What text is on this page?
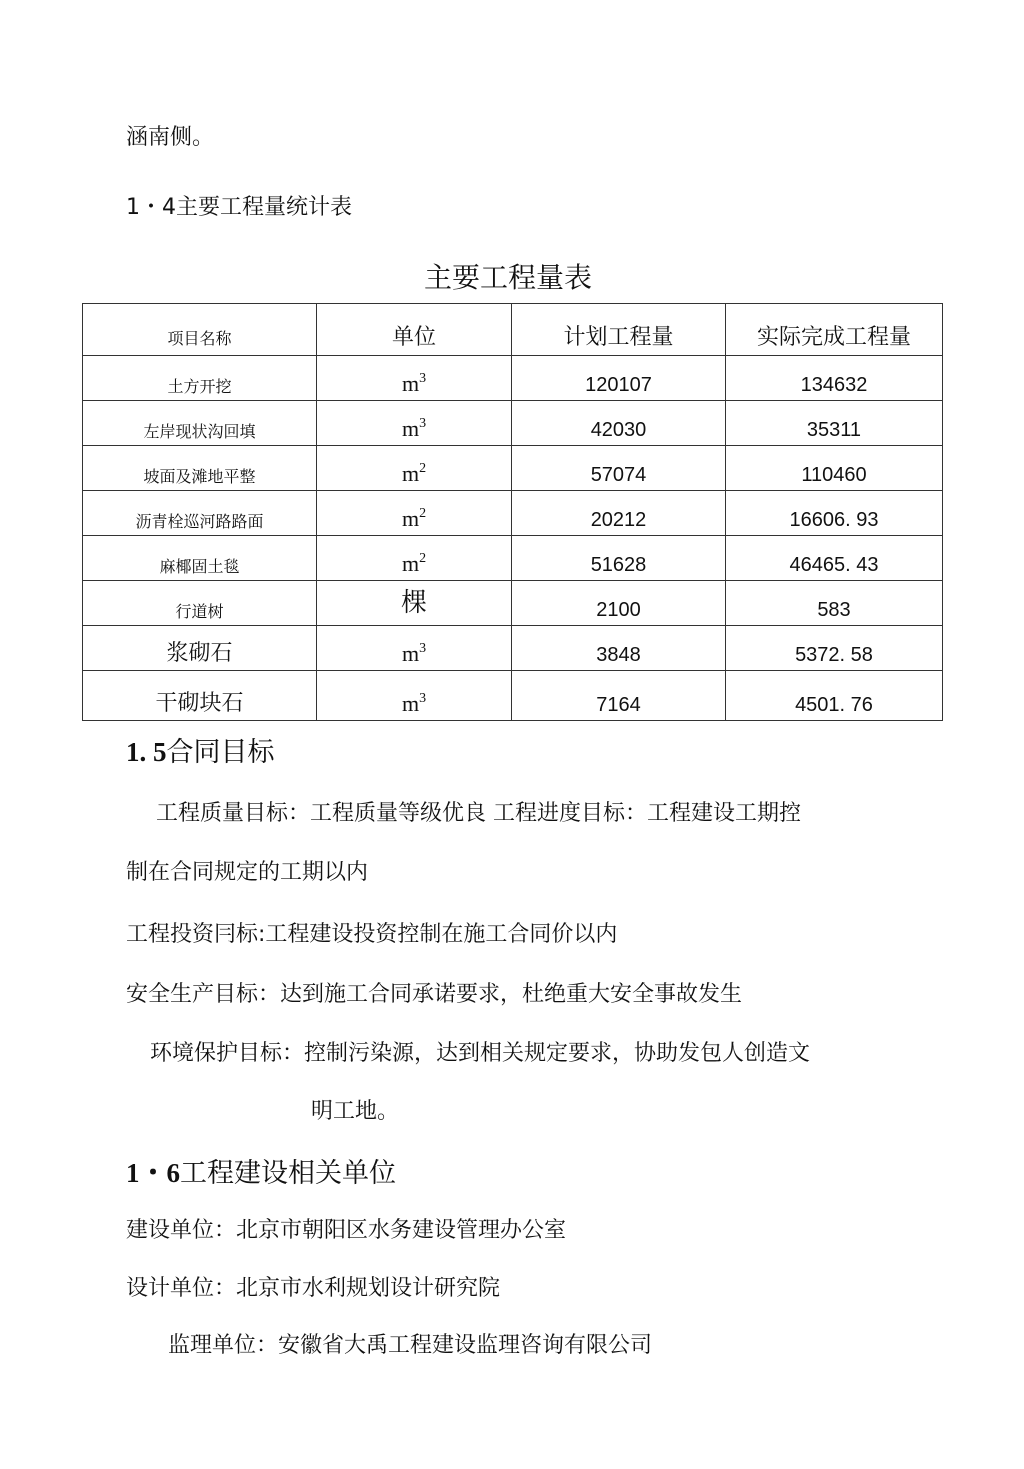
涵南侧。
1・4主要工程量统计表
主要工程量表
项目名称	单位	计划工程量	实际完成工程量
土方开挖	$m^3$	120107	134632
左岸现状沟回填	$m^3$	42030	35311
坡面及滩地平整	$m^2$	57074	110460
沥青栓巡河路路面	$m^2$	20212	16606. 93
麻椰固土毯	$m^2$	51628	46465. 43
行道树	棵	2100	583
浆砌石	$m^3$	3848	5372. 58
干砌块石	$m^3$	7164	4501. 76
1. 5合同目标
工程质量目标：工程质量等级优良 工程进度目标：工程建设工期控
制在合同规定的工期以内
工程投资冃标:工程建设投资控制在施工合同价以内
安全生产目标：达到施工合同承诺要求，杜绝重大安全事故发生
环境保护目标：控制污染源，达到相关规定要求，协助发包人创造文
明工地。
1・6工程建设相关单位
建设单位：北京市朝阳区水务建设管理办公室
设计单位：北京市水利规划设计研究院
监理单位：安徽省大禹工程建设监理咨询有限公司
